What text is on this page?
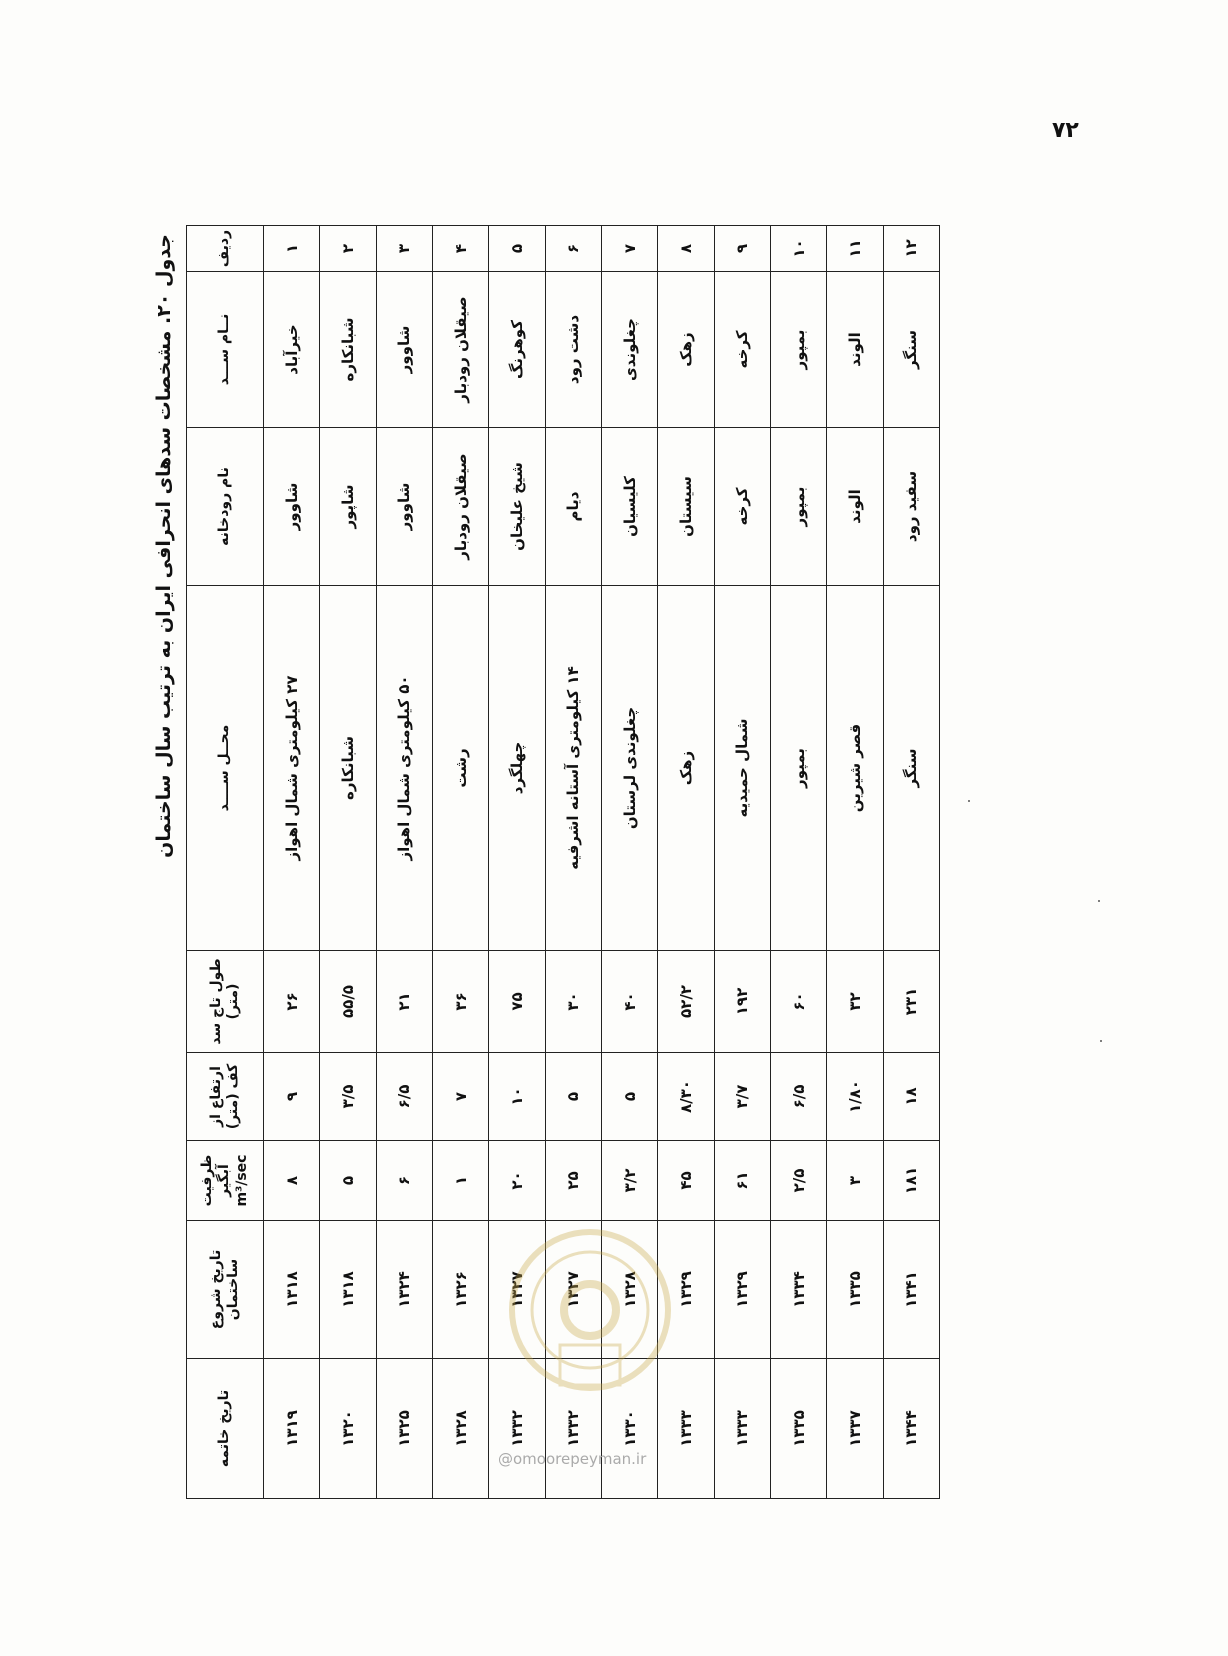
۷۲
جدول ۲۰. مشخصات سدهای انحرافی ایران به ترتیب سال ساختمان	ردیف	نــام ســـد	نام رودخانه	محــل ســــد	طول تاج سد (متر)	ارتفاع از کف (متر)	ظرفیت آبگیر m³/sec	تاریخ شروع ساختمان	تاریخ خاتمه
۱	خیرآباد	شاوور	۲۷ کیلومتری شمال اهواز	۲۶	۹	۸	۱۳۱۸	۱۳۱۹
۲	شبانکاره	شاپور	شبانکاره	۵۵/۵	۳/۵	۵	۱۳۱۸	۱۳۲۰
۳	شاوور	شاوور	۵۰ کیلومتری شمال اهواز	۲۱	۶/۵	۶	۱۳۲۴	۱۳۲۵
۴	صیقلان رودبار	صیقلان رودبار	رشت	۳۶	۷	۱	۱۳۲۶	۱۳۲۸
۵	کوهرنگ	شیخ علیخان	چهلگرد	۷۵	۱۰	۲۰	۱۳۲۷	۱۳۳۲
۶	دشت رود	دیام	۱۴ کیلومتری آستانه اشرفیه	۳۰	۵	۲۵	۱۳۲۷	۱۳۳۲
۷	چغلوندی	کلیسیان	چغلوندی لرستان	۴۰	۵	۳/۲	۱۳۲۸	۱۳۳۰
۸	زهک	سیستان	زهک	۵۲/۲	۸/۳۰	۴۵	۱۳۲۹	۱۳۳۳
۹	کرخه	کرخه	شمال حمیدیه	۱۹۲	۳/۷	۶۱	۱۳۲۹	۱۳۳۳
۱۰	بمپور	بمپور	بمپور	۶۰	۶/۵	۲/۵	۱۳۳۴	۱۳۳۵
۱۱	الوند	الوند	قصر شیرین	۳۲	۱/۸۰	۳	۱۳۳۵	۱۳۳۷
۱۲	سنگر	سفید رود	سنگر	۲۳۱	۱۸	۱۸۱	۱۳۴۱	۱۳۴۴
@omoorepeyman.ir
